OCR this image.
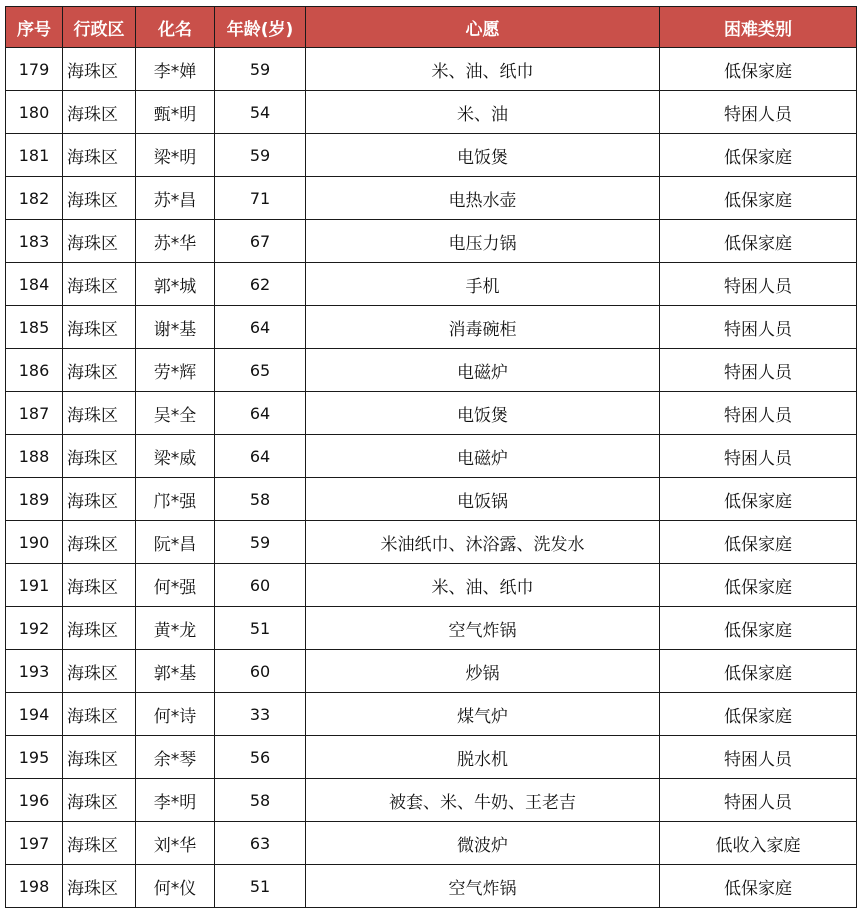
序号	行政区	化名	年龄(岁)	心愿	困难类别
179	海珠区	李*婵	59	米、油、纸巾	低保家庭
180	海珠区	甄*明	54	米、油	特困人员
181	海珠区	梁*明	59	电饭煲	低保家庭
182	海珠区	苏*昌	71	电热水壶	低保家庭
183	海珠区	苏*华	67	电压力锅	低保家庭
184	海珠区	郭*城	62	手机	特困人员
185	海珠区	谢*基	64	消毒碗柜	特困人员
186	海珠区	劳*辉	65	电磁炉	特困人员
187	海珠区	吴*全	64	电饭煲	特困人员
188	海珠区	梁*威	64	电磁炉	特困人员
189	海珠区	邝*强	58	电饭锅	低保家庭
190	海珠区	阮*昌	59	米油纸巾、沐浴露、洗发水	低保家庭
191	海珠区	何*强	60	米、油、纸巾	低保家庭
192	海珠区	黄*龙	51	空气炸锅	低保家庭
193	海珠区	郭*基	60	炒锅	低保家庭
194	海珠区	何*诗	33	煤气炉	低保家庭
195	海珠区	余*琴	56	脱水机	特困人员
196	海珠区	李*明	58	被套、米、牛奶、王老吉	特困人员
197	海珠区	刘*华	63	微波炉	低收入家庭
198	海珠区	何*仪	51	空气炸锅	低保家庭
